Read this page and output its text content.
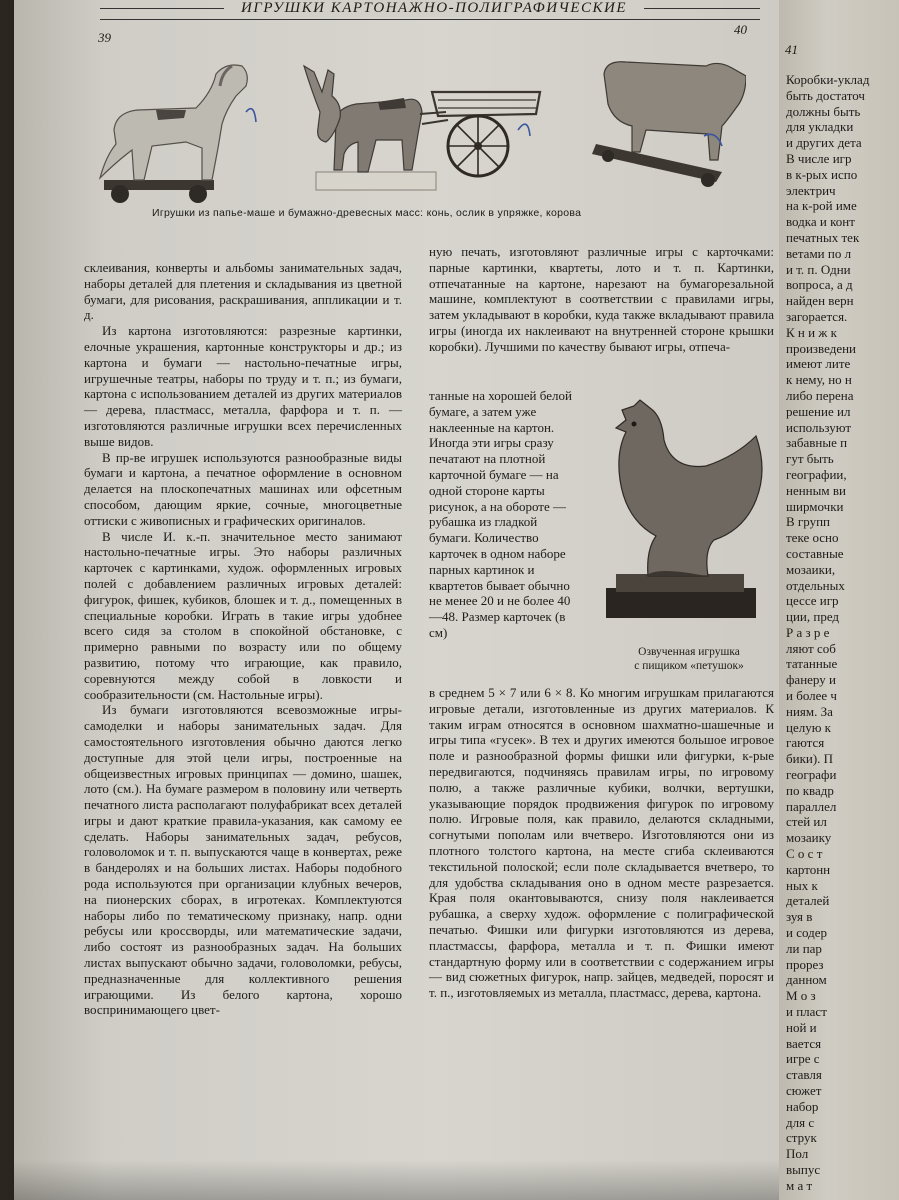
ИГРУШКИ КАРТОНАЖНО-ПОЛИГРАФИЧЕСКИЕ
39
40
Игрушки из папье-маше и бумажно-древесных масс: конь, ослик в упряжке, корова

склеивания, конверты и альбомы занимательных задач, наборы деталей для плетения и складывания из цветной бумаги, для рисования, раскрашивания, аппликации и т. д.

Из картона изготовляются: разрезные картинки, елочные украшения, картонные конструкторы и др.; из картона и бумаги — настольно-печатные игры, игрушечные театры, наборы по труду и т. п.; из бумаги, картона с использованием деталей из других материалов — дерева, пластмасс, металла, фарфора и т. п. — изготовляются различные игрушки всех перечисленных выше видов.

В пр-ве игрушек используются разнообразные виды бумаги и картона, а печатное оформление в основном делается на плоскопечатных машинах или офсетным способом, дающим яркие, сочные, многоцветные оттиски с живописных и графических оригиналов.

В числе И. к.-п. значительное место занимают настольно-печатные игры. Это наборы различных карточек с картинками, худож. оформленных игровых полей с добавлением различных игровых деталей: фигурок, фишек, кубиков, блошек и т. д., помещенных в специальные коробки. Играть в такие игры удобнее всего сидя за столом в спокойной обстановке, с примерно равными по возрасту или по общему развитию, потому что играющие, как правило, соревнуются между собой в ловкости и сообразительности (см. Настольные игры).

Из бумаги изготовляются всевозможные игры-самоделки и наборы занимательных задач. Для самостоятельного изготовления обычно даются легко доступные для этой цели игры, построенные на общеизвестных игровых принципах — домино, шашек, лото (см.). На бумаге размером в половину или четверть печатного листа располагают полуфабрикат всех деталей игры и дают краткие правила-указания, как самому ее сделать. Наборы занимательных задач, ребусов, головоломок и т. п. выпускаются чаще в конвертах, реже в бандеролях и на больших листах. Наборы подобного рода используются при организации клубных вечеров, на пионерских сборах, в игротеках. Комплектуются наборы либо по тематическому признаку, напр. одни ребусы или кроссворды, или математические задачи, либо состоят из разнообразных задач. На больших листах выпускают обычно задачи, головоломки, ребусы, предназначенные для коллективного решения играющими. Из белого картона, хорошо воспринимающего цвет-

ную печать, изготовляют различные игры с карточками: парные картинки, квартеты, лото и т. п. Картинки, отпечатанные на картоне, нарезают на бумагорезальной машине, комплектуют в соответствии с правилами игры, затем укладывают в коробки, куда также вкладывают правила игры (иногда их наклеивают на внутренней стороне крышки коробки). Лучшими по качеству бывают игры, отпеча-

танные на хорошей белой бумаге, а затем уже наклеенные на картон. Иногда эти игры сразу печатают на плотной карточной бумаге — на одной стороне карты рисунок, а на обороте — рубашка из гладкой бумаги. Количество карточек в одном наборе парных картинок и квартетов бывает обычно не менее 20 и не более 40—48. Размер карточек (в см)

Озвученная игрушка
с пищиком «петушок»

в среднем 5 × 7 или 6 × 8. Ко многим игрушкам прилагаются игровые детали, изготовленные из других материалов. К таким играм относятся в основном шахматно-шашечные и игры типа «гусек». В тех и других имеются большое игровое поле и разнообразной формы фишки или фигурки, к-рые передвигаются, подчиняясь правилам игры, по игровому полю, а также различные кубики, волчки, вертушки, указывающие порядок продвижения фигурок по игровому полю. Игровые поля, как правило, делаются складными, согнутыми пополам или вчетверо. Изготовляются они из плотного толстого картона, на месте сгиба склеиваются текстильной полоской; если поле складывается вчетверо, то для удобства складывания оно в одном месте разрезается. Края поля окантовываются, снизу поля наклеивается рубашка, а сверху худож. оформление с полиграфической печатью. Фишки или фигурки изготовляются из дерева, пластмассы, фарфора, металла и т. п. Фишки имеют стандартную форму или в соответствии с содержанием игры — вид сюжетных фигурок, напр. зайцев, медведей, поросят и т. п., изготовляемых из металла, пластмасс, дерева, картона.

41
Коробки-уклад
быть достаточ
должны быть
для укладки
и других дета
В числе игр
в к-рых испо
электрич
на к-рой име
водка и конт
печатных тек
ветами по л
и т. п. Одни
вопроса, а д
найден верн
загорается.
К н и ж к
произведени
имеют лите
к нему, но н
либо перена
решение ил
используют
забавные п
гут быть
географии,
ненным ви
ширмочки
В групп
теке осно
составные
мозаики,
отдельных
цессе игр
ции, пред
Р а з р е
ляют соб
татанные
фанеру и
и более ч
ниям. За
целую к
гаются
бики). П
географи
по квадр
параллел
стей ил
мозаику
С о с т
картонн
ных к
деталей
зуя в
и содер
ли пар
прорез
данном
М о з
и пласт
ной и
вается
игре с
ставля
сюжет
набор
для с
струк
Пол
выпус
м а т
